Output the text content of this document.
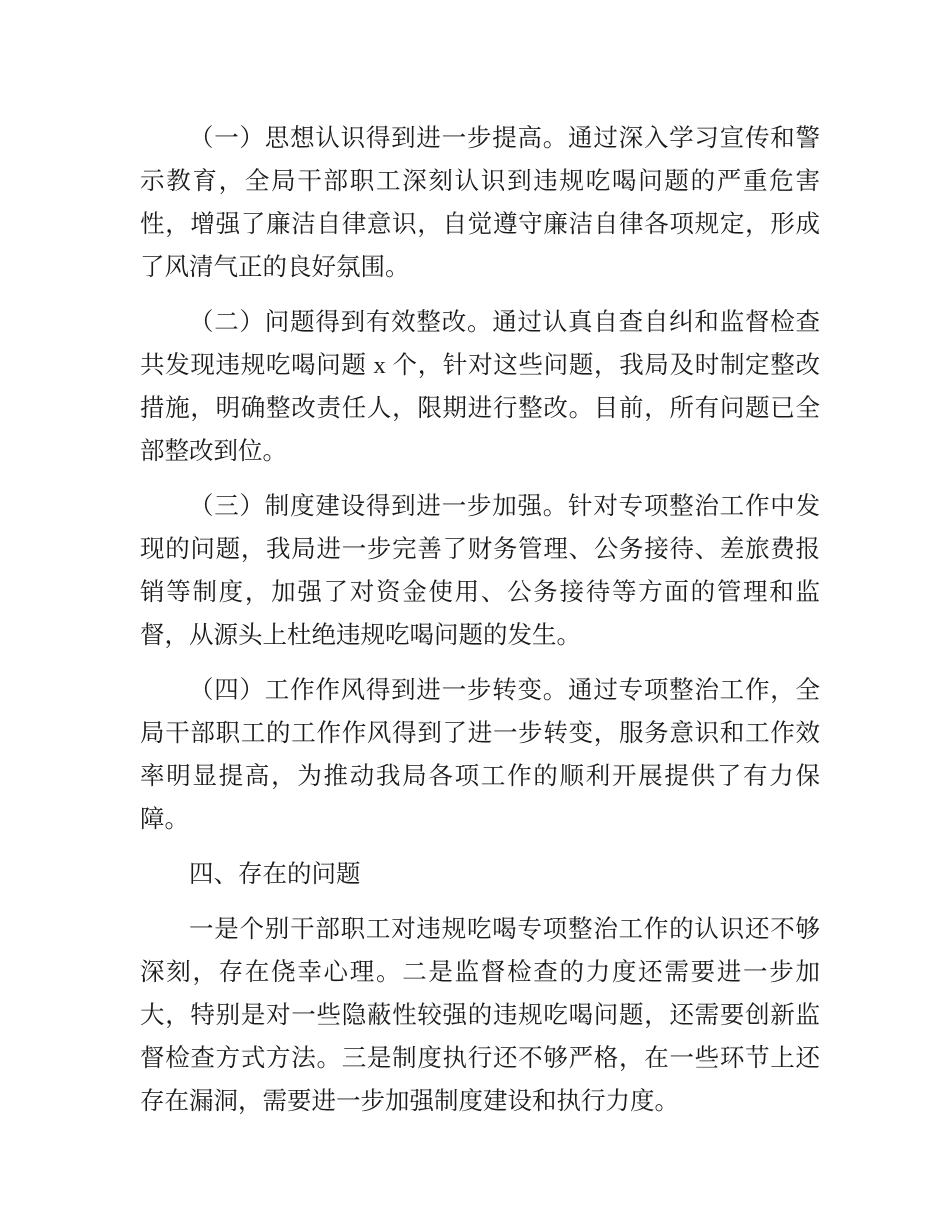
（一）思想认识得到进一步提高。通过深入学习宣传和警示教育，全局干部职工深刻认识到违规吃喝问题的严重危害性，增强了廉洁自律意识，自觉遵守廉洁自律各项规定，形成了风清气正的良好氛围。

（二）问题得到有效整改。通过认真自查自纠和监督检查共发现违规吃喝问题 x 个，针对这些问题，我局及时制定整改措施，明确整改责任人，限期进行整改。目前，所有问题已全部整改到位。

（三）制度建设得到进一步加强。针对专项整治工作中发现的问题，我局进一步完善了财务管理、公务接待、差旅费报销等制度，加强了对资金使用、公务接待等方面的管理和监督，从源头上杜绝违规吃喝问题的发生。

（四）工作作风得到进一步转变。通过专项整治工作，全局干部职工的工作作风得到了进一步转变，服务意识和工作效率明显提高，为推动我局各项工作的顺利开展提供了有力保障。

四、存在的问题

一是个别干部职工对违规吃喝专项整治工作的认识还不够深刻，存在侥幸心理。二是监督检查的力度还需要进一步加大，特别是对一些隐蔽性较强的违规吃喝问题，还需要创新监督检查方式方法。三是制度执行还不够严格，在一些环节上还存在漏洞，需要进一步加强制度建设和执行力度。
